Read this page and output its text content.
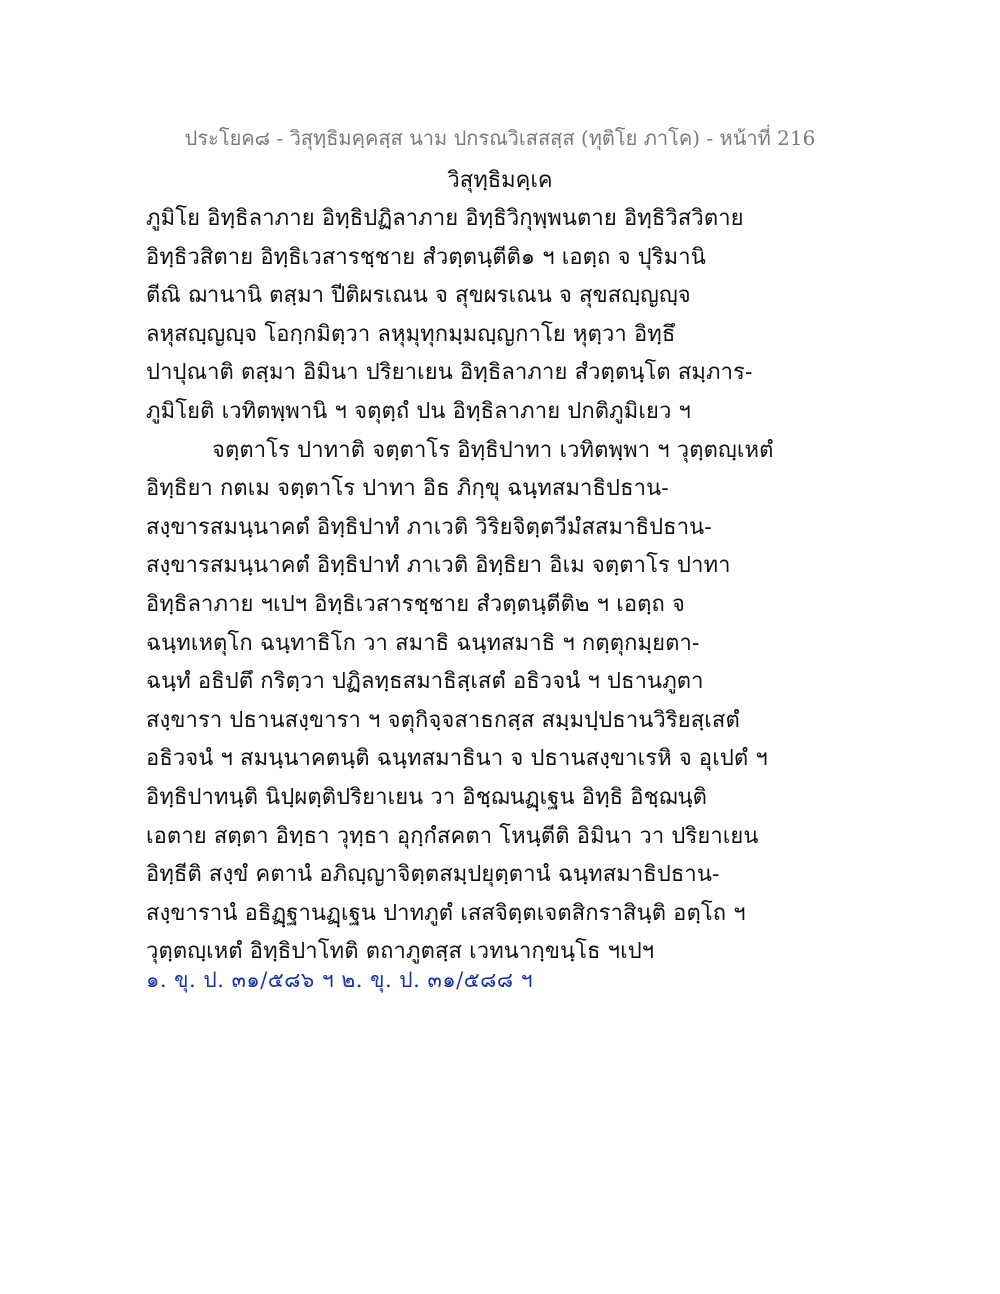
ประโยค๘ - วิสุทฺธิมคฺคสฺส นาม ปกรณวิเสสสฺส (ทุติโย ภาโค) - หน้าที่ 216
วิสุทฺธิมคฺเค
ภูมิโย อิทฺธิลาภาย อิทฺธิปฏิลาภาย อิทฺธิวิกุพฺพนตาย อิทฺธิวิสวิตาย
อิทฺธิวสิตาย อิทฺธิเวสารชฺชาย สํวตฺตนฺตีติ๑ ฯ เอตฺถ จ ปุริมานิ
ตีณิ ฌานานิ ตสฺมา ปีติผรเณน จ สุขผรเณน จ สุขสญฺญญฺจ
ลหุสญฺญญฺจ โอกฺกมิตฺวา ลหุมุทุกมฺมญฺญกาโย หุตฺวา อิทฺธึ
ปาปุณาติ ตสฺมา อิมินา ปริยาเยน อิทฺธิลาภาย สํวตฺตนฺโต สมฺภาร-
ภูมิโยติ เวทิตพฺพานิ ฯ จตุตฺถํ ปน อิทฺธิลาภาย ปกติภูมิเยว ฯ
จตฺตาโร ปาทาติ จตฺตาโร อิทฺธิปาทา เวทิตพฺพา ฯ วุตฺตญฺเหตํ
อิทฺธิยา กตเม จตฺตาโร ปาทา อิธ ภิกฺขุ ฉนฺทสมาธิปธาน-
สงฺขารสมนฺนาคตํ อิทฺธิปาทํ ภาเวติ วิริยจิตฺตวีมํสสมาธิปธาน-
สงฺขารสมนฺนาคตํ อิทฺธิปาทํ ภาเวติ อิทฺธิยา อิเม จตฺตาโร ปาทา
อิทฺธิลาภาย ฯเปฯ อิทฺธิเวสารชฺชาย สํวตฺตนฺตีติ๒ ฯ เอตฺถ จ
ฉนฺทเหตุโก ฉนฺทาธิโก วา สมาธิ ฉนฺทสมาธิ ฯ กตฺตุกมฺยตา-
ฉนฺทํ อธิปตึ กริตฺวา ปฏิลทฺธสมาธิสฺเสตํ อธิวจนํ ฯ ปธานภูตา
สงฺขารา ปธานสงฺขารา ฯ จตุกิจฺจสาธกสฺส สมฺมปฺปธานวิริยสฺเสตํ
อธิวจนํ ฯ สมนฺนาคตนฺติ ฉนฺทสมาธินา จ ปธานสงฺขาเรหิ จ อุเปตํ ฯ
อิทฺธิปาทนฺติ นิปฺผตฺติปริยาเยน วา อิชฺฌนฏฺเฐน อิทฺธิ อิชฺฌนฺติ
เอตาย สตฺตา อิทฺธา วุทฺธา อุกฺกํสคตา โหนฺตีติ อิมินา วา ปริยาเยน
อิทฺธีติ สงฺขํ คตานํ อภิญฺญาจิตฺตสมฺปยุตฺตานํ ฉนฺทสมาธิปธาน-
สงฺขารานํ อธิฏฺฐานฏฺเฐน ปาทภูตํ เสสจิตฺตเจตสิกราสินฺติ อตฺโถ ฯ
วุตฺตญฺเหตํ อิทฺธิปาโทติ ตถาภูตสฺส เวทนากฺขนฺโธ ฯเปฯ
๑. ขุ. ป. ๓๑/๕๘๖ ฯ ๒. ขุ. ป. ๓๑/๕๘๘ ฯ
